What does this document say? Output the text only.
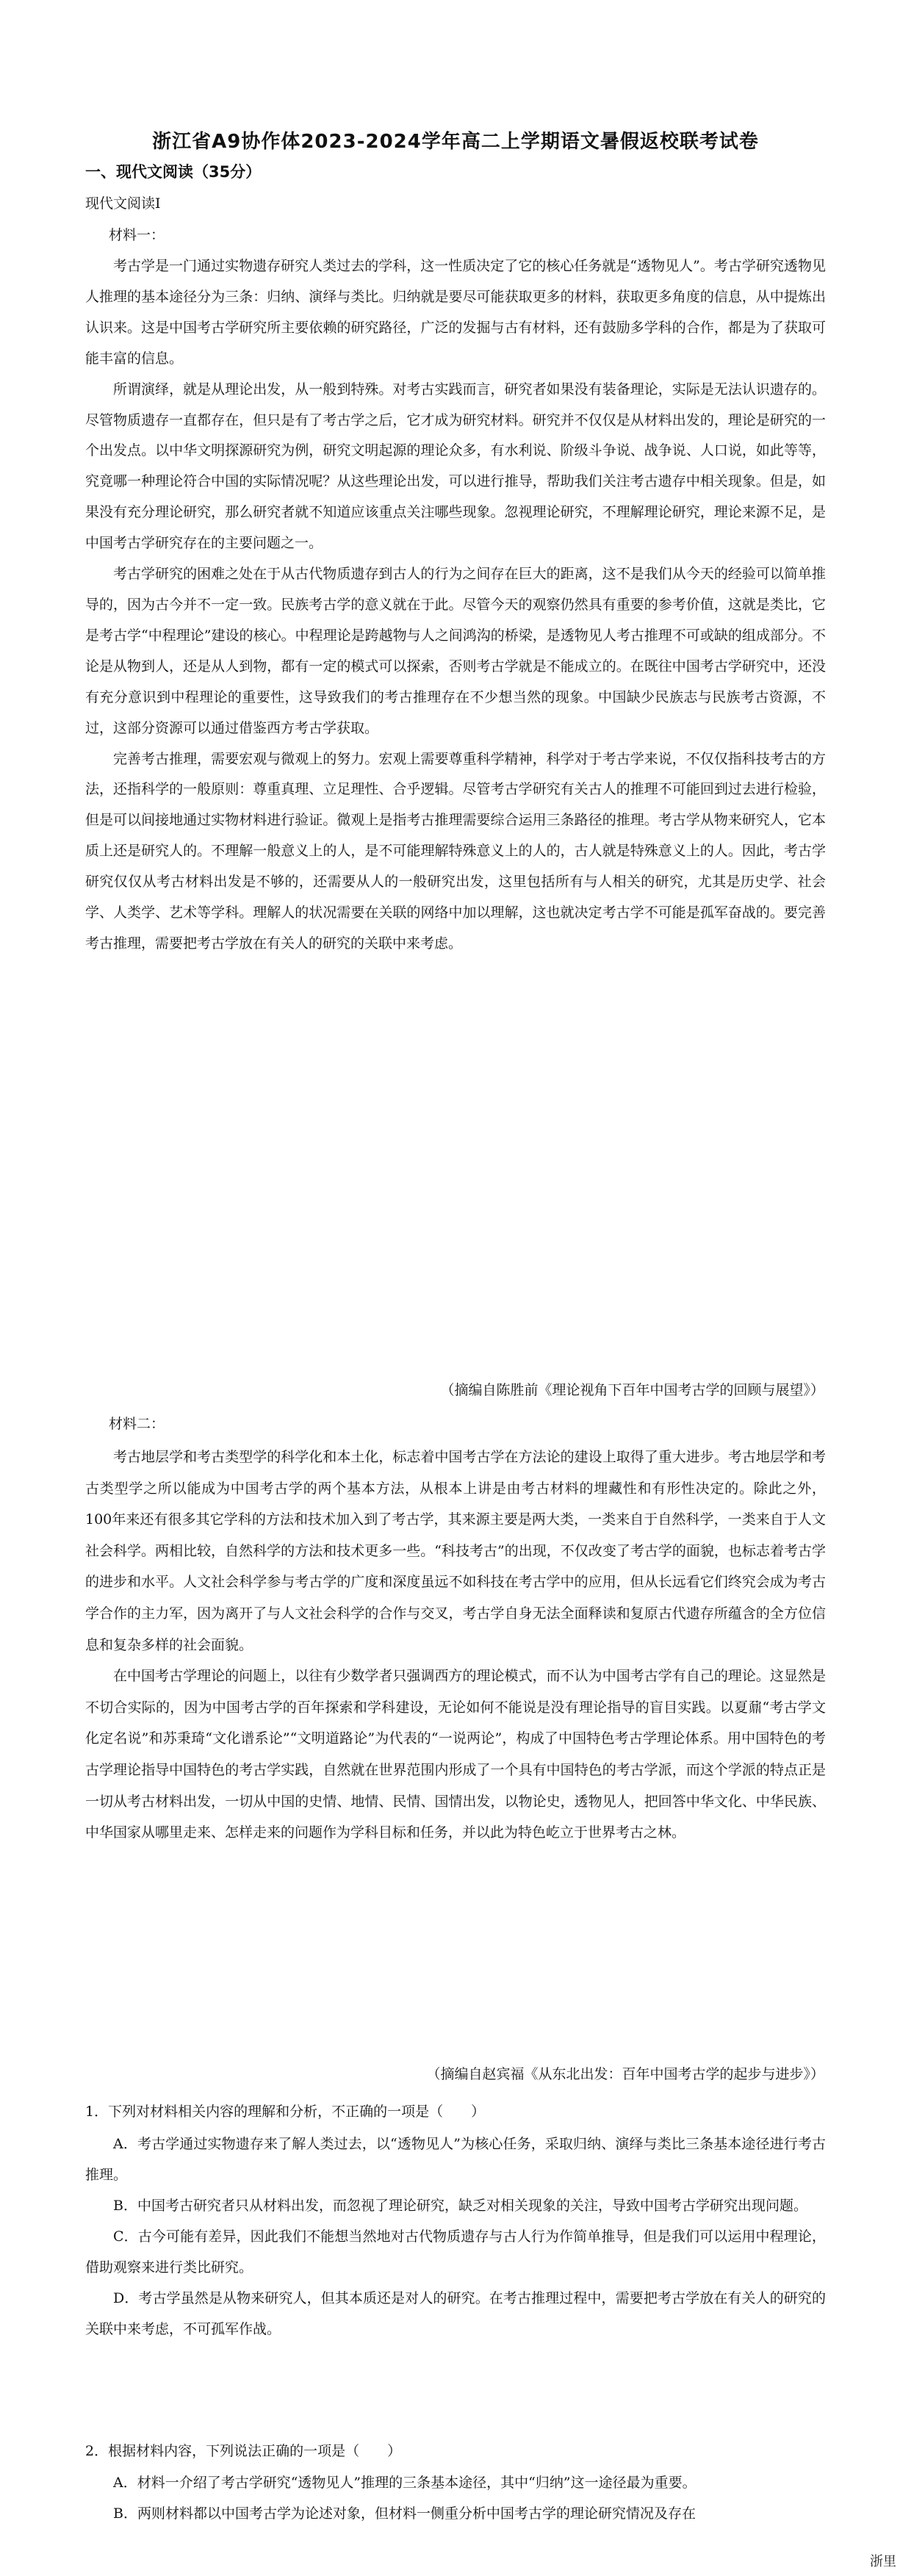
浙江省A9协作体2023-2024学年高二上学期语文暑假返校联考试卷
一、现代文阅读（35分）
现代文阅读Ⅰ
材料一：

考古学是一门通过实物遗存研究人类过去的学科，这一性质决定了它的核心任务就是“透物见人”。考古学研究透物见人推理的基本途径分为三条：归纳、演绎与类比。归纳就是要尽可能获取更多的材料，获取更多角度的信息，从中提炼出认识来。这是中国考古学研究所主要依赖的研究路径，广泛的发掘与古有材料，还有鼓励多学科的合作，都是为了获取可能丰富的信息。

所谓演绎，就是从理论出发，从一般到特殊。对考古实践而言，研究者如果没有装备理论，实际是无法认识遗存的。尽管物质遗存一直都存在，但只是有了考古学之后，它才成为研究材料。研究并不仅仅是从材料出发的，理论是研究的一个出发点。以中华文明探源研究为例，研究文明起源的理论众多，有水利说、阶级斗争说、战争说、人口说，如此等等，究竟哪一种理论符合中国的实际情况呢？从这些理论出发，可以进行推导，帮助我们关注考古遗存中相关现象。但是，如果没有充分理论研究，那么研究者就不知道应该重点关注哪些现象。忽视理论研究，不理解理论研究，理论来源不足，是中国考古学研究存在的主要问题之一。

考古学研究的困难之处在于从古代物质遗存到古人的行为之间存在巨大的距离，这不是我们从今天的经验可以简单推导的，因为古今并不一定一致。民族考古学的意义就在于此。尽管今天的观察仍然具有重要的参考价值，这就是类比，它是考古学“中程理论”建设的核心。中程理论是跨越物与人之间鸿沟的桥梁，是透物见人考古推理不可或缺的组成部分。不论是从物到人，还是从人到物，都有一定的模式可以探索，否则考古学就是不能成立的。在既往中国考古学研究中，还没有充分意识到中程理论的重要性，这导致我们的考古推理存在不少想当然的现象。中国缺少民族志与民族考古资源，不过，这部分资源可以通过借鉴西方考古学获取。

完善考古推理，需要宏观与微观上的努力。宏观上需要尊重科学精神，科学对于考古学来说，不仅仅指科技考古的方法，还指科学的一般原则：尊重真理、立足理性、合乎逻辑。尽管考古学研究有关古人的推理不可能回到过去进行检验，但是可以间接地通过实物材料进行验证。微观上是指考古推理需要综合运用三条路径的推理。考古学从物来研究人，它本质上还是研究人的。不理解一般意义上的人，是不可能理解特殊意义上的人的，古人就是特殊意义上的人。因此，考古学研究仅仅从考古材料出发是不够的，还需要从人的一般研究出发，这里包括所有与人相关的研究，尤其是历史学、社会学、人类学、艺术等学科。理解人的状况需要在关联的网络中加以理解，这也就决定考古学不可能是孤军奋战的。要完善考古推理，需要把考古学放在有关人的研究的关联中来考虑。

（摘编自陈胜前《理论视角下百年中国考古学的回顾与展望》）
材料二：

考古地层学和考古类型学的科学化和本土化，标志着中国考古学在方法论的建设上取得了重大进步。考古地层学和考古类型学之所以能成为中国考古学的两个基本方法，从根本上讲是由考古材料的埋藏性和有形性决定的。除此之外， 100年来还有很多其它学科的方法和技术加入到了考古学，其来源主要是两大类，一类来自于自然科学，一类来自于人文社会科学。两相比较，自然科学的方法和技术更多一些。“科技考古”的出现，不仅改变了考古学的面貌，也标志着考古学的进步和水平。人文社会科学参与考古学的广度和深度虽远不如科技在考古学中的应用，但从长远看它们终究会成为考古学合作的主力军，因为离开了与人文社会科学的合作与交叉，考古学自身无法全面释读和复原古代遗存所蕴含的全方位信息和复杂多样的社会面貌。

在中国考古学理论的问题上，以往有少数学者只强调西方的理论模式，而不认为中国考古学有自己的理论。这显然是不切合实际的，因为中国考古学的百年探索和学科建设，无论如何不能说是没有理论指导的盲目实践。以夏鼐“考古学文化定名说”和苏秉琦“文化谱系论”“文明道路论”为代表的“一说两论”，构成了中国特色考古学理论体系。用中国特色的考古学理论指导中国特色的考古学实践，自然就在世界范围内形成了一个具有中国特色的考古学派，而这个学派的特点正是一切从考古材料出发，一切从中国的史情、地情、民情、国情出发，以物论史，透物见人，把回答中华文化、中华民族、中华国家从哪里走来、怎样走来的问题作为学科目标和任务，并以此为特色屹立于世界考古之林。

（摘编自赵宾福《从东北出发：百年中国考古学的起步与进步》）
1．下列对材料相关内容的理解和分析，不正确的一项是（　　）

A．考古学通过实物遗存来了解人类过去，以“透物见人”为核心任务，采取归纳、演绎与类比三条基本途径进行考古推理。

B．中国考古研究者只从材料出发，而忽视了理论研究，缺乏对相关现象的关注，导致中国考古学研究出现问题。

C．古今可能有差异，因此我们不能想当然地对古代物质遗存与古人行为作简单推导，但是我们可以运用中程理论，借助观察来进行类比研究。

D．考古学虽然是从物来研究人，但其本质还是对人的研究。在考古推理过程中，需要把考古学放在有关人的研究的关联中来考虑，不可孤军作战。

2．根据材料内容，下列说法正确的一项是（　　）

A．材料一介绍了考古学研究“透物见人”推理的三条基本途径，其中“归纳”这一途径最为重要。

B．两则材料都以中国考古学为论述对象，但材料一侧重分析中国考古学的理论研究情况及存在

浙里
